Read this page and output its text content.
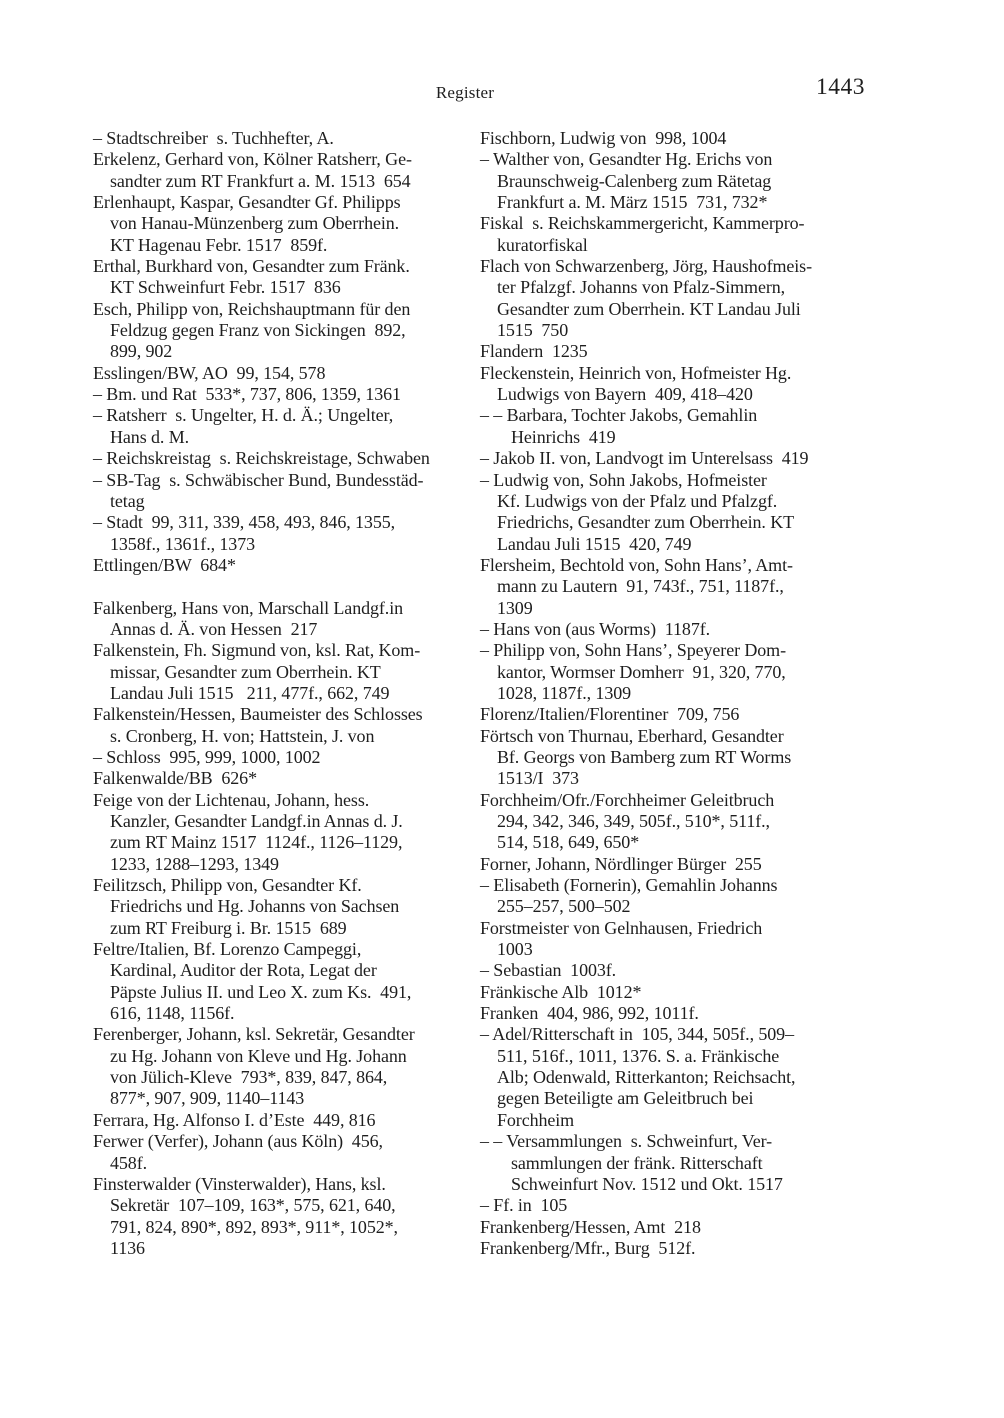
Register	1443
– Stadtschreiber  s. Tuchhefter, A.
Erkelenz, Gerhard von, Kölner Ratsherr, Ge-
sandter zum RT Frankfurt a. M. 1513  654
Erlenhaupt, Kaspar, Gesandter Gf. Philipps
von Hanau-Münzenberg zum Oberrhein.
KT Hagenau Febr. 1517  859f.
Erthal, Burkhard von, Gesandter zum Fränk.
KT Schweinfurt Febr. 1517  836
Esch, Philipp von, Reichshauptmann für den
Feldzug gegen Franz von Sickingen  892,
899, 902
Esslingen/BW, AO  99, 154, 578
– Bm. und Rat  533*, 737, 806, 1359, 1361
– Ratsherr  s. Ungelter, H. d. Ä.; Ungelter,
Hans d. M.
– Reichskreistag  s. Reichskreistage, Schwaben
– SB-Tag  s. Schwäbischer Bund, Bundesstäd-
tetag
– Stadt  99, 311, 339, 458, 493, 846, 1355,
1358f., 1361f., 1373
Ettlingen/BW  684*
Falkenberg, Hans von, Marschall Landgf.in
Annas d. Ä. von Hessen  217
Falkenstein, Fh. Sigmund von, ksl. Rat, Kom-
missar, Gesandter zum Oberrhein. KT
Landau Juli 1515   211, 477f., 662, 749
Falkenstein/Hessen, Baumeister des Schlosses
s. Cronberg, H. von; Hattstein, J. von
– Schloss  995, 999, 1000, 1002
Falkenwalde/BB  626*
Feige von der Lichtenau, Johann, hess.
Kanzler, Gesandter Landgf.in Annas d. J.
zum RT Mainz 1517  1124f., 1126–1129,
1233, 1288–1293, 1349
Feilitzsch, Philipp von, Gesandter Kf.
Friedrichs und Hg. Johanns von Sachsen
zum RT Freiburg i. Br. 1515  689
Feltre/Italien, Bf. Lorenzo Campeggi,
Kardinal, Auditor der Rota, Legat der
Päpste Julius II. und Leo X. zum Ks.  491,
616, 1148, 1156f.
Ferenberger, Johann, ksl. Sekretär, Gesandter
zu Hg. Johann von Kleve und Hg. Johann
von Jülich-Kleve  793*, 839, 847, 864,
877*, 907, 909, 1140–1143
Ferrara, Hg. Alfonso I. d’Este  449, 816
Ferwer (Verfer), Johann (aus Köln)  456,
458f.
Finsterwalder (Vinsterwalder), Hans, ksl.
Sekretär  107–109, 163*, 575, 621, 640,
791, 824, 890*, 892, 893*, 911*, 1052*,
1136
Fischborn, Ludwig von  998, 1004
– Walther von, Gesandter Hg. Erichs von
Braunschweig-Calenberg zum Rätetag
Frankfurt a. M. März 1515  731, 732*
Fiskal  s. Reichskammergericht, Kammerpro-
kuratorfiskal
Flach von Schwarzenberg, Jörg, Haushofmeis-
ter Pfalzgf. Johanns von Pfalz-Simmern,
Gesandter zum Oberrhein. KT Landau Juli
1515  750
Flandern  1235
Fleckenstein, Heinrich von, Hofmeister Hg.
Ludwigs von Bayern  409, 418–420
– – Barbara, Tochter Jakobs, Gemahlin
Heinrichs  419
– Jakob II. von, Landvogt im Unterelsass  419
– Ludwig von, Sohn Jakobs, Hofmeister
Kf. Ludwigs von der Pfalz und Pfalzgf.
Friedrichs, Gesandter zum Oberrhein. KT
Landau Juli 1515  420, 749
Flersheim, Bechtold von, Sohn Hans’, Amt-
mann zu Lautern  91, 743f., 751, 1187f.,
1309
– Hans von (aus Worms)  1187f.
– Philipp von, Sohn Hans’, Speyerer Dom-
kantor, Wormser Domherr  91, 320, 770,
1028, 1187f., 1309
Florenz/Italien/Florentiner  709, 756
Förtsch von Thurnau, Eberhard, Gesandter
Bf. Georgs von Bamberg zum RT Worms
1513/I  373
Forchheim/Ofr./Forchheimer Geleitbruch
294, 342, 346, 349, 505f., 510*, 511f.,
514, 518, 649, 650*
Forner, Johann, Nördlinger Bürger  255
– Elisabeth (Fornerin), Gemahlin Johanns
255–257, 500–502
Forstmeister von Gelnhausen, Friedrich
1003
– Sebastian  1003f.
Fränkische Alb  1012*
Franken  404, 986, 992, 1011f.
– Adel/Ritterschaft in  105, 344, 505f., 509–
511, 516f., 1011, 1376. S. a. Fränkische
Alb; Odenwald, Ritterkanton; Reichsacht,
gegen Beteiligte am Geleitbruch bei
Forchheim
– – Versammlungen  s. Schweinfurt, Ver-
sammlungen der fränk. Ritterschaft
Schweinfurt Nov. 1512 und Okt. 1517
– Ff. in  105
Frankenberg/Hessen, Amt  218
Frankenberg/Mfr., Burg  512f.
